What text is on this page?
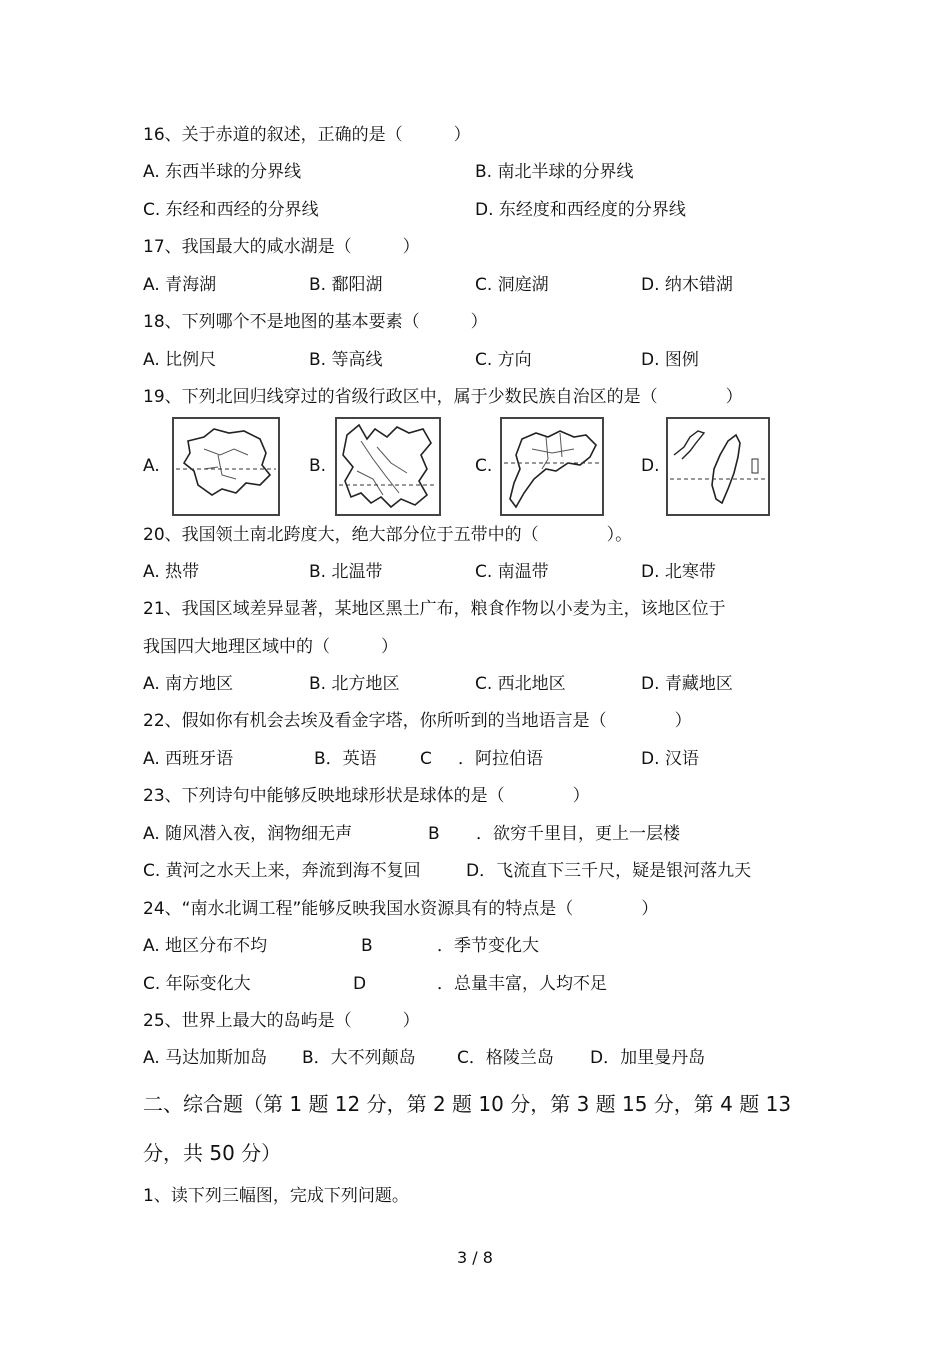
16、关于赤道的叙述，正确的是（　　　）
A. 东西半球的分界线	B. 南北半球的分界线
C. 东经和西经的分界线	D. 东经度和西经度的分界线
17、我国最大的咸水湖是（　　　）
A. 青海湖	B. 鄱阳湖	C. 洞庭湖	D. 纳木错湖
18、下列哪个不是地图的基本要素（　　　）
A. 比例尺	B. 等高线	C. 方向	D. 图例
19、下列北回归线穿过的省级行政区中，属于少数民族自治区的是（　　　　）
A.	B.	C.	D.
20、我国领土南北跨度大，绝大部分位于五带中的（　　　　）。
A. 热带	B. 北温带	C. 南温带	D. 北寒带
21、我国区域差异显著，某地区黑土广布，粮食作物以小麦为主，该地区位于
我国四大地理区域中的（　　　）
A. 南方地区	B. 北方地区	C. 西北地区	D. 青藏地区
22、假如你有机会去埃及看金字塔，你所听到的当地语言是（　　　　）
A. 西班牙语	B．英语	C ．阿拉伯语	D. 汉语
23、下列诗句中能够反映地球形状是球体的是（　　　　）
A. 随风潜入夜，润物细无声	B ．欲穷千里目，更上一层楼
C. 黄河之水天上来，奔流到海不复回	D．飞流直下三千尺，疑是银河落九天
24、“南水北调工程”能够反映我国水资源具有的特点是（　　　　）
A. 地区分布不均	B	．季节变化大
C. 年际变化大	D	．总量丰富，人均不足
25、世界上最大的岛屿是（　　　）
A. 马达加斯加岛 B．大不列颠岛 C．格陵兰岛 D．加里曼丹岛
二、综合题（第 1 题 12 分，第 2 题 10 分，第 3 题 15 分，第 4 题 13
分，共 50 分）
1、读下列三幅图，完成下列问题。
3 / 8
